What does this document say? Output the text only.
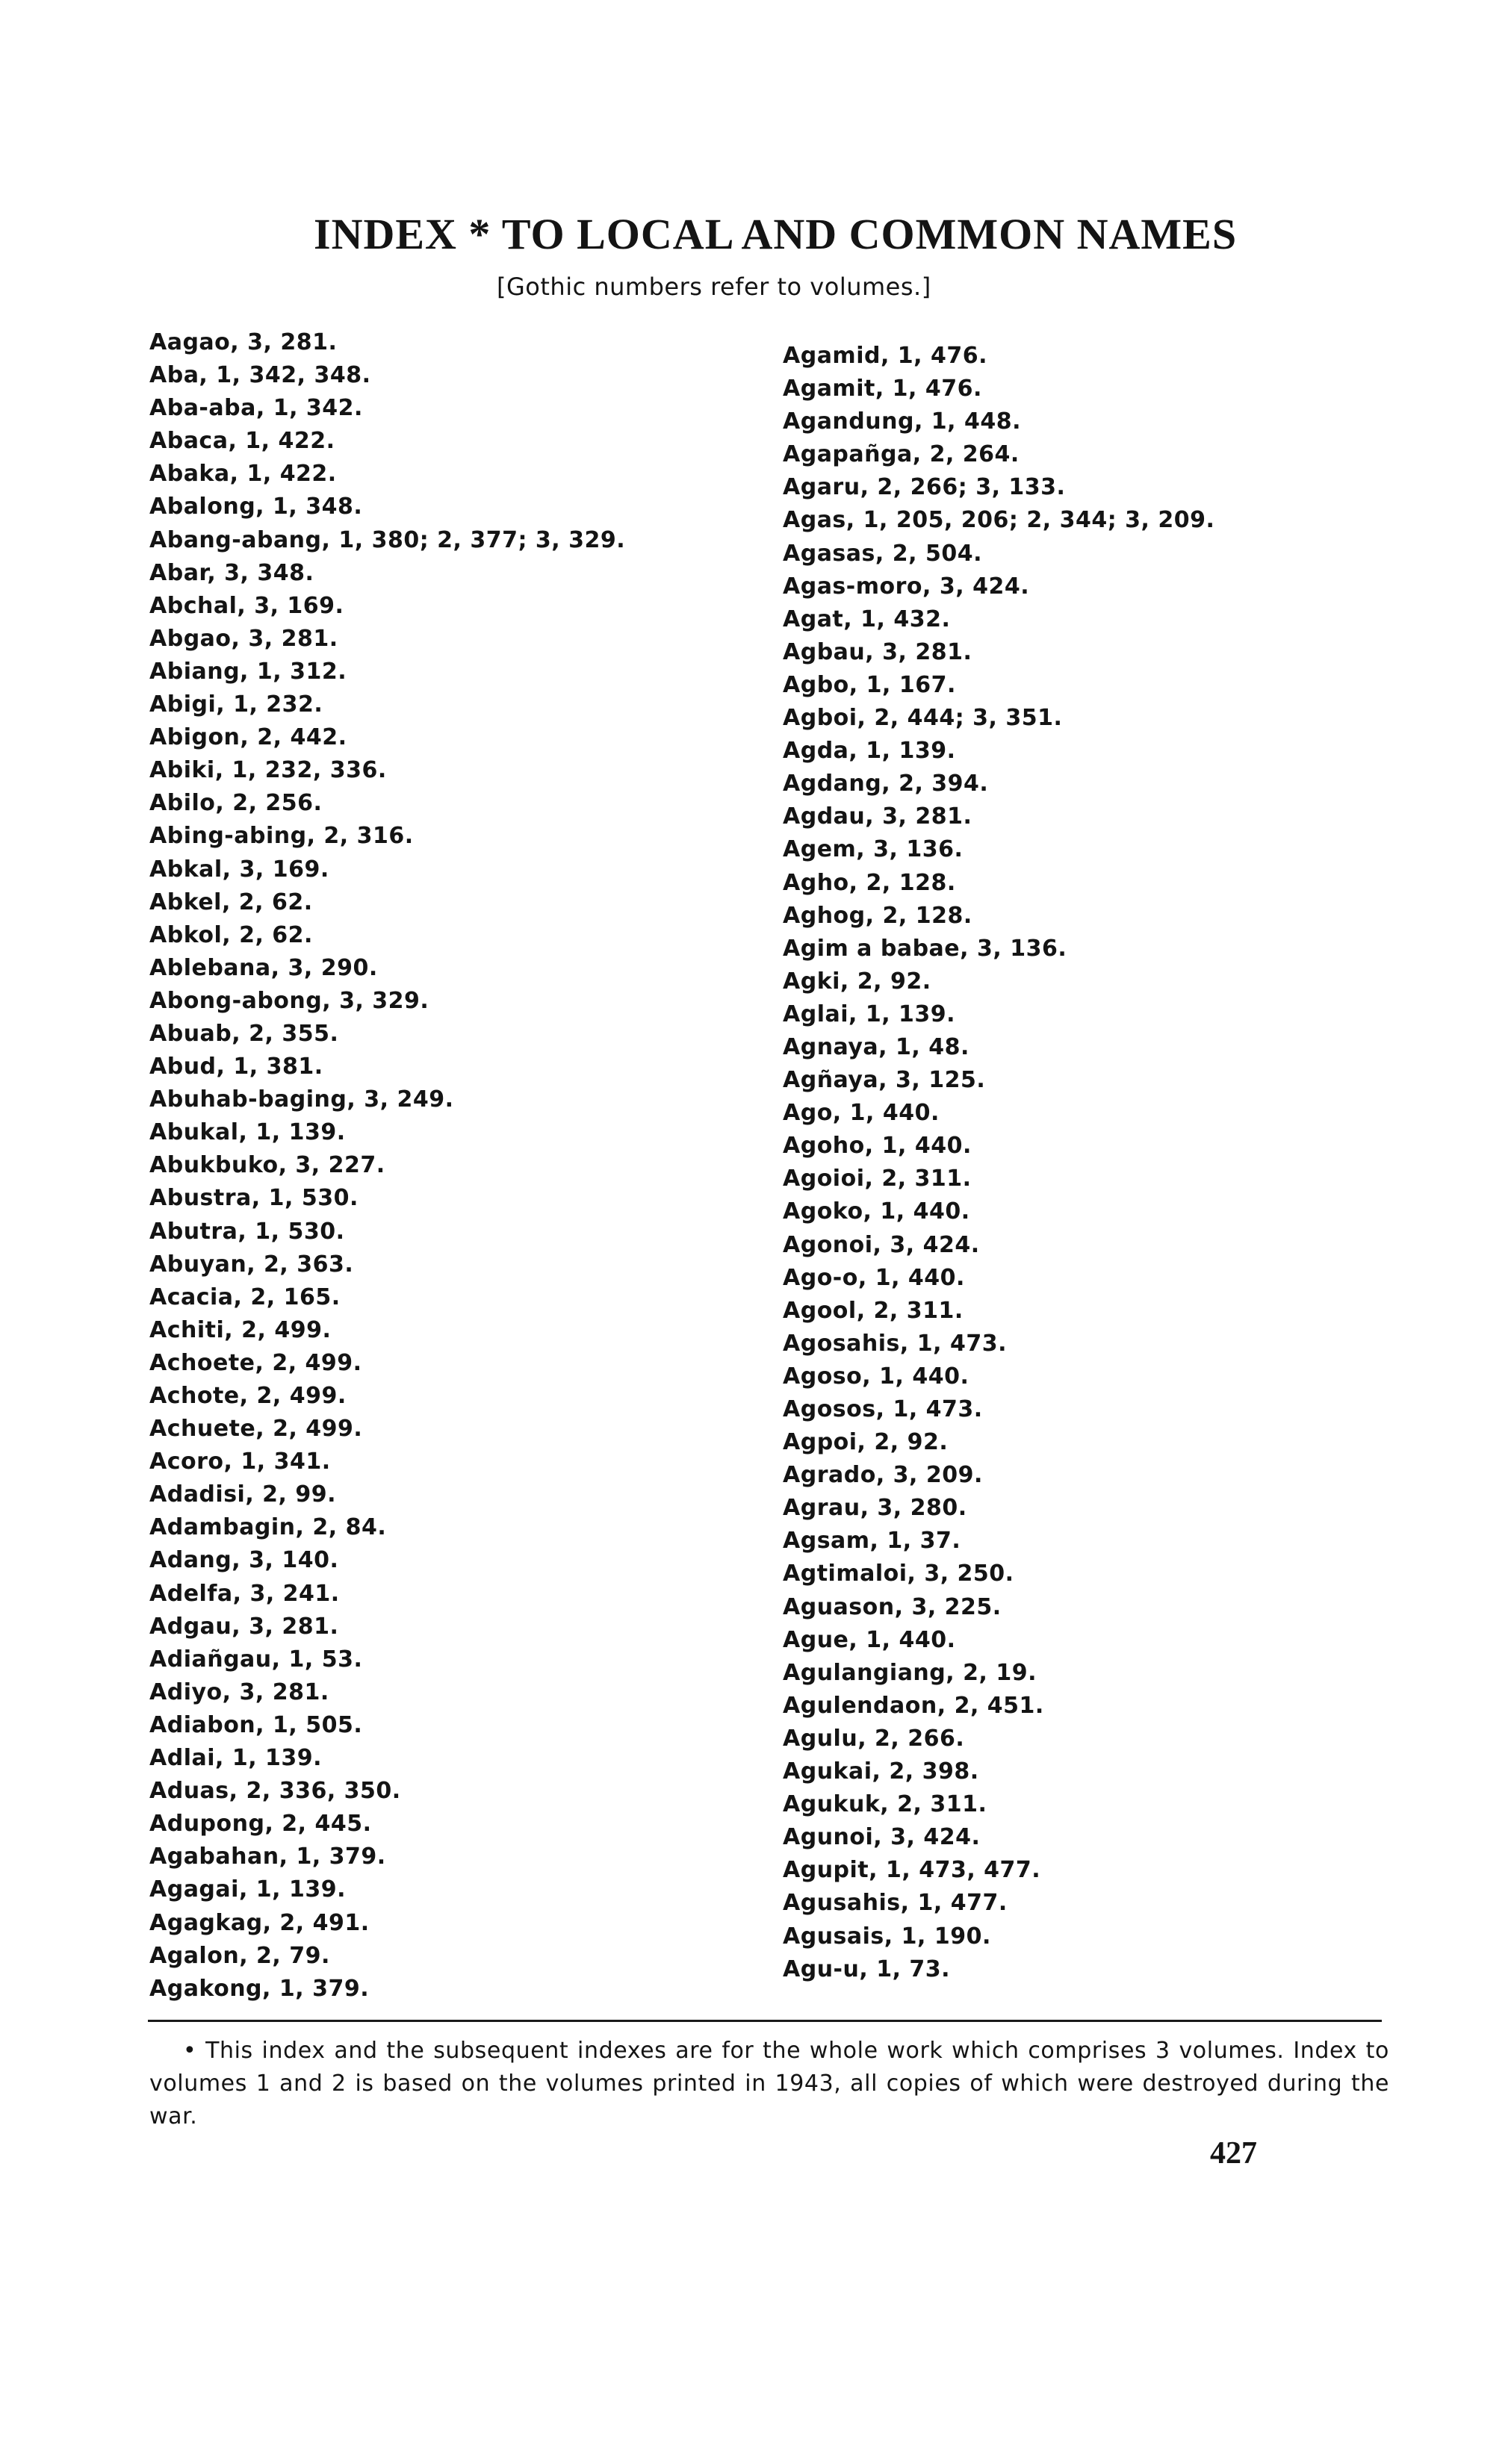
INDEX * TO LOCAL AND COMMON NAMES
[Gothic numbers refer to volumes.]
Aagao, 3, 281.
Aba, 1, 342, 348.
Aba-aba, 1, 342.
Abaca, 1, 422.
Abaka, 1, 422.
Abalong, 1, 348.
Abang-abang, 1, 380; 2, 377; 3, 329.
Abar, 3, 348.
Abchal, 3, 169.
Abgao, 3, 281.
Abiang, 1, 312.
Abigi, 1, 232.
Abigon, 2, 442.
Abiki, 1, 232, 336.
Abilo, 2, 256.
Abing-abing, 2, 316.
Abkal, 3, 169.
Abkel, 2, 62.
Abkol, 2, 62.
Ablebana, 3, 290.
Abong-abong, 3, 329.
Abuab, 2, 355.
Abud, 1, 381.
Abuhab-baging, 3, 249.
Abukal, 1, 139.
Abukbuko, 3, 227.
Abustra, 1, 530.
Abutra, 1, 530.
Abuyan, 2, 363.
Acacia, 2, 165.
Achiti, 2, 499.
Achoete, 2, 499.
Achote, 2, 499.
Achuete, 2, 499.
Acoro, 1, 341.
Adadisi, 2, 99.
Adambagin, 2, 84.
Adang, 3, 140.
Adelfa, 3, 241.
Adgau, 3, 281.
Adiañgau, 1, 53.
Adiyo, 3, 281.
Adiabon, 1, 505.
Adlai, 1, 139.
Aduas, 2, 336, 350.
Adupong, 2, 445.
Agabahan, 1, 379.
Agagai, 1, 139.
Agagkag, 2, 491.
Agalon, 2, 79.
Agakong, 1, 379.
Agamid, 1, 476.
Agamit, 1, 476.
Agandung, 1, 448.
Agapañga, 2, 264.
Agaru, 2, 266; 3, 133.
Agas, 1, 205, 206; 2, 344; 3, 209.
Agasas, 2, 504.
Agas-moro, 3, 424.
Agat, 1, 432.
Agbau, 3, 281.
Agbo, 1, 167.
Agboi, 2, 444; 3, 351.
Agda, 1, 139.
Agdang, 2, 394.
Agdau, 3, 281.
Agem, 3, 136.
Agho, 2, 128.
Aghog, 2, 128.
Agim a babae, 3, 136.
Agki, 2, 92.
Aglai, 1, 139.
Agnaya, 1, 48.
Agñaya, 3, 125.
Ago, 1, 440.
Agoho, 1, 440.
Agoioi, 2, 311.
Agoko, 1, 440.
Agonoi, 3, 424.
Ago-o, 1, 440.
Agool, 2, 311.
Agosahis, 1, 473.
Agoso, 1, 440.
Agosos, 1, 473.
Agpoi, 2, 92.
Agrado, 3, 209.
Agrau, 3, 280.
Agsam, 1, 37.
Agtimaloi, 3, 250.
Aguason, 3, 225.
Ague, 1, 440.
Agulangiang, 2, 19.
Agulendaon, 2, 451.
Agulu, 2, 266.
Agukai, 2, 398.
Agukuk, 2, 311.
Agunoi, 3, 424.
Agupit, 1, 473, 477.
Agusahis, 1, 477.
Agusais, 1, 190.
Agu-u, 1, 73.
• This index and the subsequent indexes are for the whole work which comprises 3 volumes. Index to volumes 1 and 2 is based on the volumes printed in 1943, all copies of which were destroyed during the war.
427
